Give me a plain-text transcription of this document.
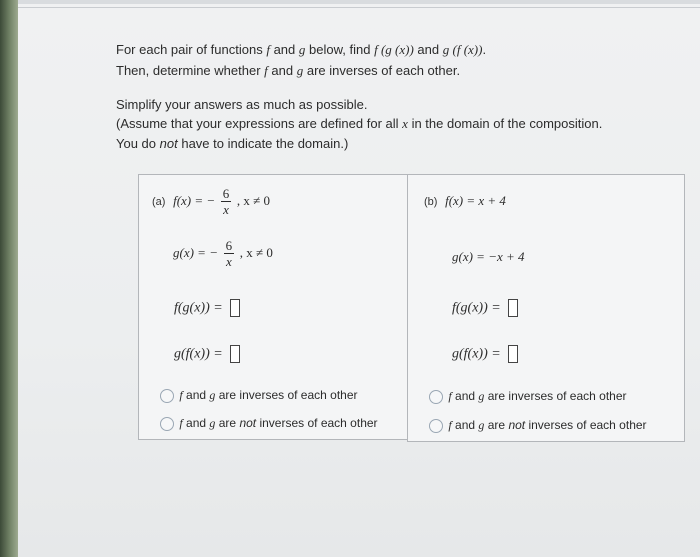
For each pair of functions f and g below, find f (g (x)) and g (f (x)).
Then, determine whether f and g are inverses of each other.
Simplify your answers as much as possible.
(Assume that your expressions are defined for all x in the domain of the composition.
You do not have to indicate the domain.)
(a) f(x) = − $\frac{6}{x}$ , x ≠ 0
g(x) = − $\frac{6}{x}$ , x ≠ 0
f(g(x)) =
g(f(x)) =
f and g are inverses of each other
f and g are not inverses of each other
(b) f(x) = x + 4
g(x) = −x + 4
f(g(x)) =
g(f(x)) =
f and g are inverses of each other
f and g are not inverses of each other
